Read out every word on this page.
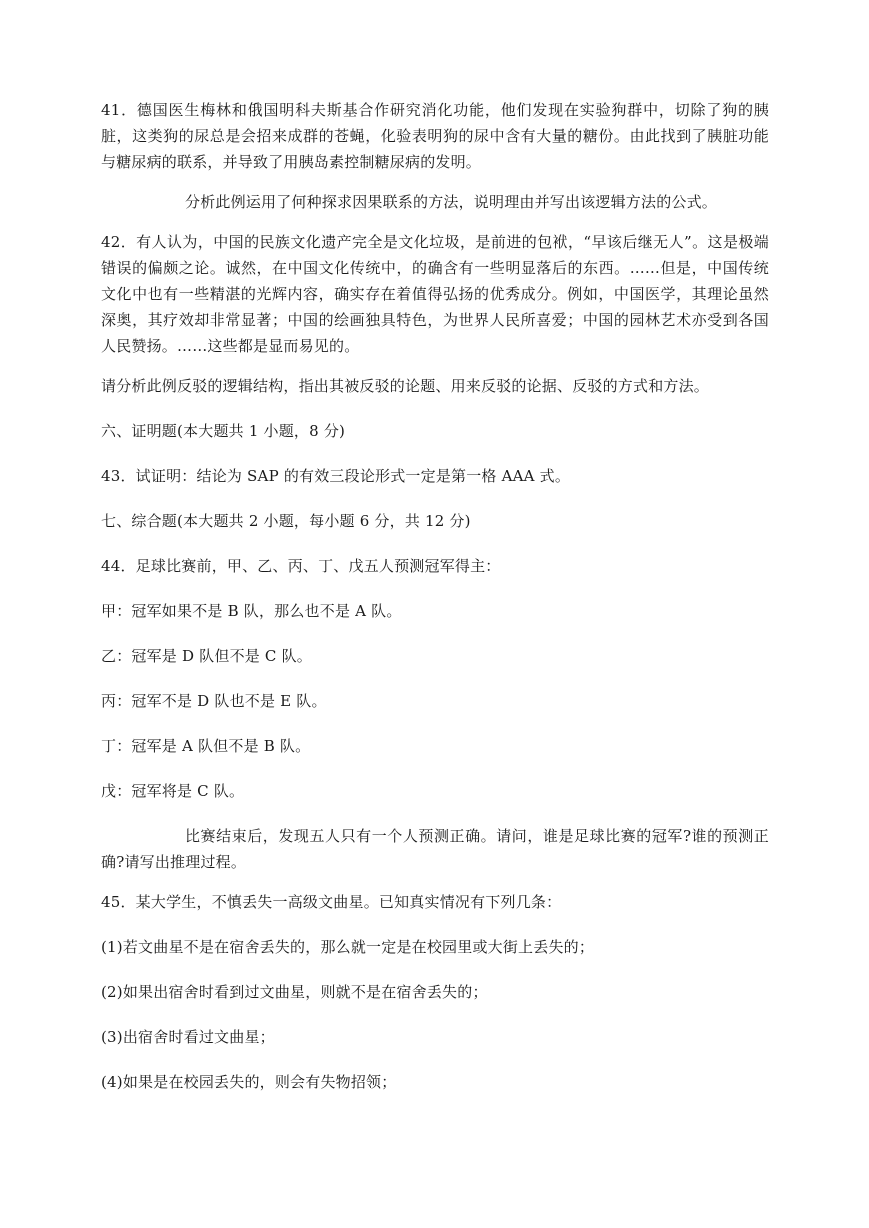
41．德国医生梅林和俄国明科夫斯基合作研究消化功能，他们发现在实验狗群中，切除了狗的胰脏，这类狗的尿总是会招来成群的苍蝇，化验表明狗的尿中含有大量的糖份。由此找到了胰脏功能与糖尿病的联系，并导致了用胰岛素控制糖尿病的发明。

分析此例运用了何种探求因果联系的方法，说明理由并写出该逻辑方法的公式。

42．有人认为，中国的民族文化遗产完全是文化垃圾，是前进的包袱，“早该后继无人”。这是极端错误的偏颇之论。诚然，在中国文化传统中，的确含有一些明显落后的东西。……但是，中国传统文化中也有一些精湛的光辉内容，确实存在着值得弘扬的优秀成分。例如，中国医学，其理论虽然深奥，其疗效却非常显著；中国的绘画独具特色，为世界人民所喜爱；中国的园林艺术亦受到各国人民赞扬。……这些都是显而易见的。

请分析此例反驳的逻辑结构，指出其被反驳的论题、用来反驳的论据、反驳的方式和方法。

六、证明题(本大题共 1 小题，8 分)

43．试证明：结论为 SAP 的有效三段论形式一定是第一格 AAA 式。

七、综合题(本大题共 2 小题，每小题 6 分，共 12 分)

44．足球比赛前，甲、乙、丙、丁、戊五人预测冠军得主：

甲：冠军如果不是 B 队，那么也不是 A 队。

乙：冠军是 D 队但不是 C 队。

丙：冠军不是 D 队也不是 E 队。

丁：冠军是 A 队但不是 B 队。

戊：冠军将是 C 队。

比赛结束后，发现五人只有一个人预测正确。请问，谁是足球比赛的冠军?谁的预测正确?请写出推理过程。

45．某大学生，不慎丢失一高级文曲星。已知真实情况有下列几条：

(1)若文曲星不是在宿舍丢失的，那么就一定是在校园里或大街上丢失的；

(2)如果出宿舍时看到过文曲星，则就不是在宿舍丢失的；

(3)出宿舍时看过文曲星；

(4)如果是在校园丢失的，则会有失物招领；
